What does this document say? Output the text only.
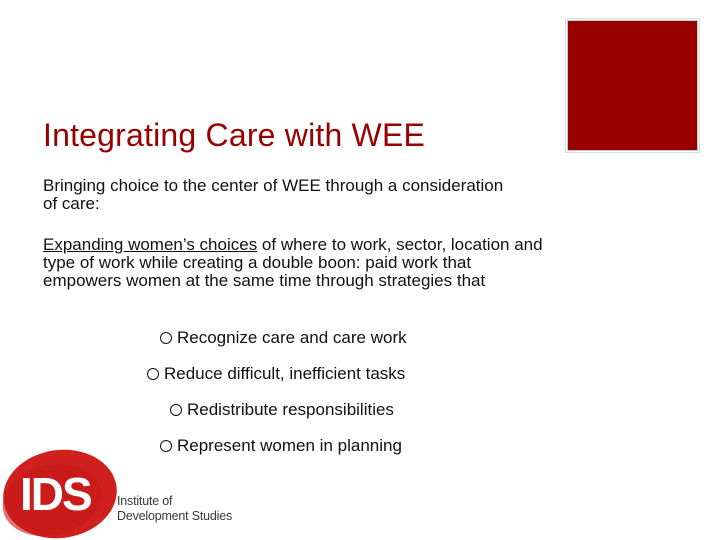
Integrating Care with WEE

Bringing choice to the center of WEE through a consideration of care:

Expanding women’s choices of where to work, sector, location and type of work while creating a double boon: paid work that empowers women at the same time through strategies that

Recognize care and care work
Reduce difficult, inefficient tasks
Redistribute responsibilities
Represent women in planning
IDS Institute of
Development Studies
